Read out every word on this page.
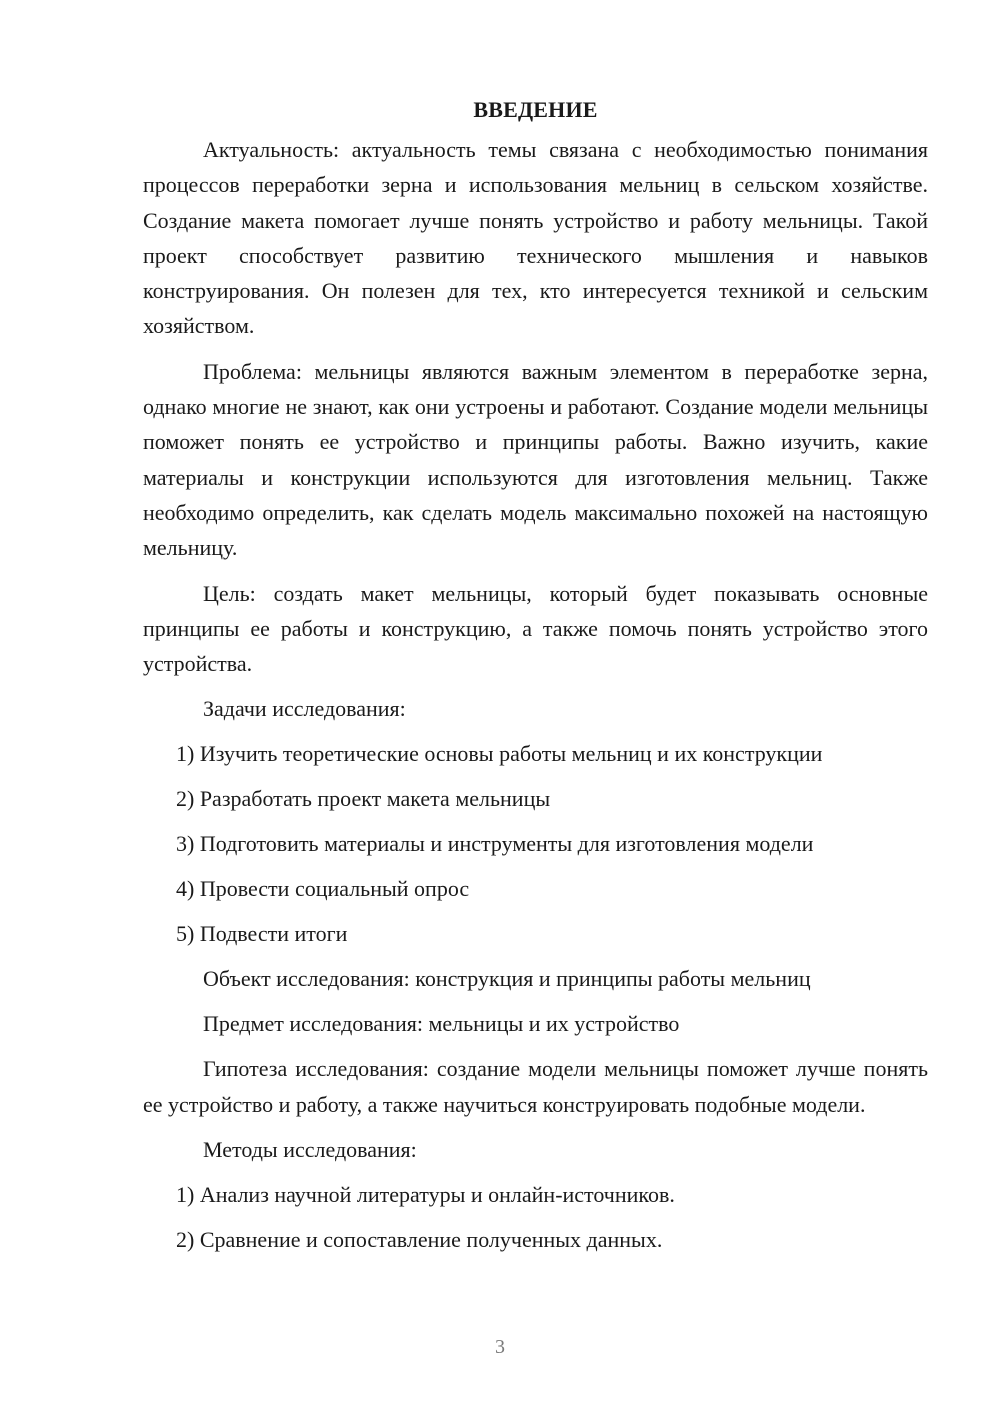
ВВЕДЕНИЕ

Актуальность: актуальность темы связана с необходимостью понимания процессов переработки зерна и использования мельниц в сельском хозяйстве. Создание макета помогает лучше понять устройство и работу мельницы. Такой проект способствует развитию технического мышления и навыков конструирования. Он полезен для тех, кто интересуется техникой и сельским хозяйством.

Проблема: мельницы являются важным элементом в переработке зерна, однако многие не знают, как они устроены и работают. Создание модели мельницы поможет понять ее устройство и принципы работы. Важно изучить, какие материалы и конструкции используются для изготовления мельниц. Также необходимо определить, как сделать модель максимально похожей на настоящую мельницу.

Цель: создать макет мельницы, который будет показывать основные принципы ее работы и конструкцию, а также помочь понять устройство этого устройства.

Задачи исследования:
1) Изучить теоретические основы работы мельниц и их конструкции
2) Разработать проект макета мельницы
3) Подготовить материалы и инструменты для изготовления модели
4) Провести социальный опрос
5) Подвести итоги
Объект исследования: конструкция и принципы работы мельниц
Предмет исследования: мельницы и их устройство

Гипотеза исследования: создание модели мельницы поможет лучше понять ее устройство и работу, а также научиться конструировать подобные модели.

Методы исследования:
1) Анализ научной литературы и онлайн-источников.
2) Сравнение и сопоставление полученных данных.
3
